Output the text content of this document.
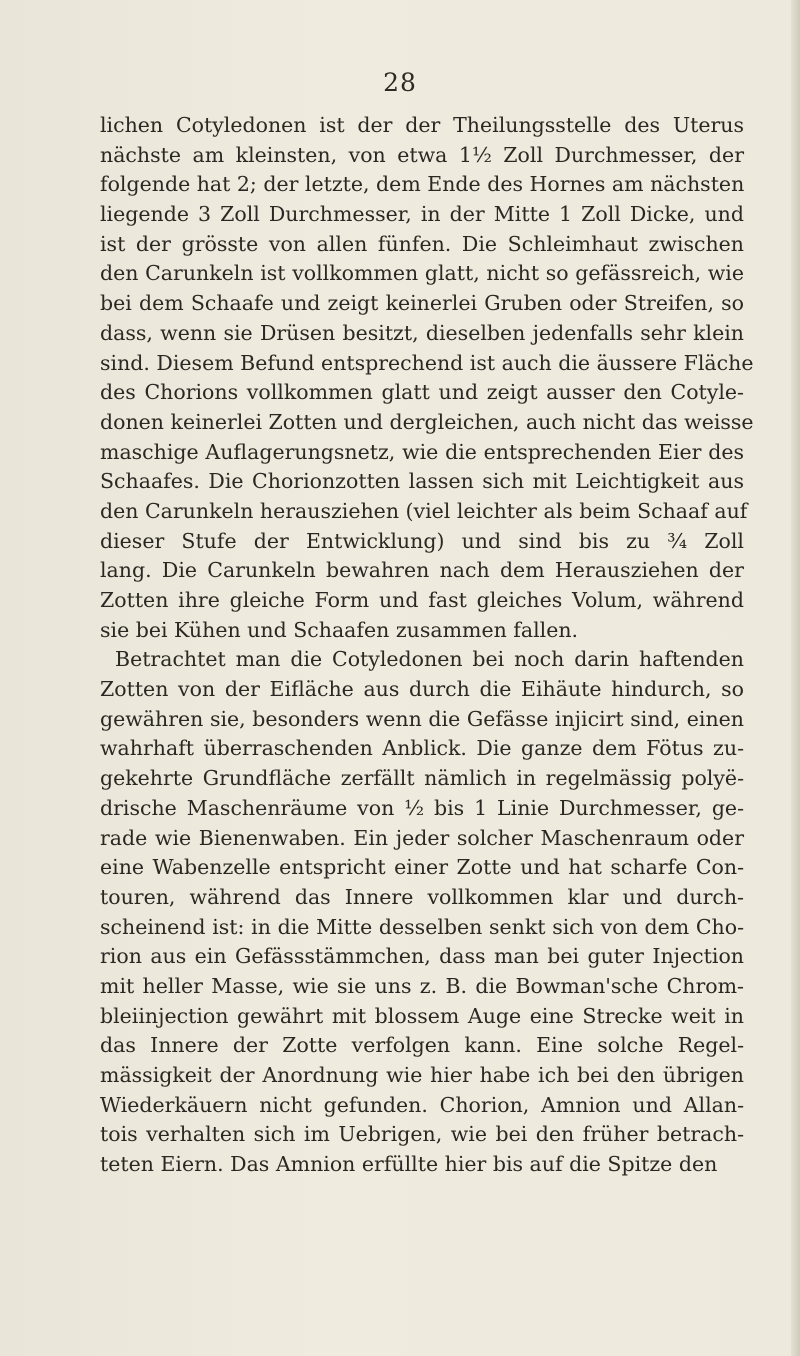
28
lichen Cotyledonen ist der der Theilungsstelle des Uterus
nächste am kleinsten, von etwa 1½ Zoll Durchmesser, der
folgende hat 2; der letzte, dem Ende des Hornes am nächsten
liegende 3 Zoll Durchmesser, in der Mitte 1 Zoll Dicke, und
ist der grösste von allen fünfen. Die Schleimhaut zwischen
den Carunkeln ist vollkommen glatt, nicht so gefässreich, wie
bei dem Schaafe und zeigt keinerlei Gruben oder Streifen, so
dass, wenn sie Drüsen besitzt, dieselben jedenfalls sehr klein
sind. Diesem Befund entsprechend ist auch die äussere Fläche
des Chorions vollkommen glatt und zeigt ausser den Cotyle-
donen keinerlei Zotten und dergleichen, auch nicht das weisse
maschige Auflagerungsnetz, wie die entsprechenden Eier des
Schaafes. Die Chorionzotten lassen sich mit Leichtigkeit aus
den Carunkeln herausziehen (viel leichter als beim Schaaf auf
dieser Stufe der Entwicklung) und sind bis zu ¾ Zoll
lang. Die Carunkeln bewahren nach dem Herausziehen der
Zotten ihre gleiche Form und fast gleiches Volum, während
sie bei Kühen und Schaafen zusammen fallen.
Betrachtet man die Cotyledonen bei noch darin haftenden
Zotten von der Eifläche aus durch die Eihäute hindurch, so
gewähren sie, besonders wenn die Gefässe injicirt sind, einen
wahrhaft überraschenden Anblick. Die ganze dem Fötus zu-
gekehrte Grundfläche zerfällt nämlich in regelmässig polyë-
drische Maschenräume von ½ bis 1 Linie Durchmesser, ge-
rade wie Bienenwaben. Ein jeder solcher Maschenraum oder
eine Wabenzelle entspricht einer Zotte und hat scharfe Con-
touren, während das Innere vollkommen klar und durch-
scheinend ist: in die Mitte desselben senkt sich von dem Cho-
rion aus ein Gefässstämmchen, dass man bei guter Injection
mit heller Masse, wie sie uns z. B. die Bowman'sche Chrom-
bleiinjection gewährt mit blossem Auge eine Strecke weit in
das Innere der Zotte verfolgen kann. Eine solche Regel-
mässigkeit der Anordnung wie hier habe ich bei den übrigen
Wiederkäuern nicht gefunden. Chorion, Amnion und Allan-
tois verhalten sich im Uebrigen, wie bei den früher betrach-
teten Eiern. Das Amnion erfüllte hier bis auf die Spitze den
